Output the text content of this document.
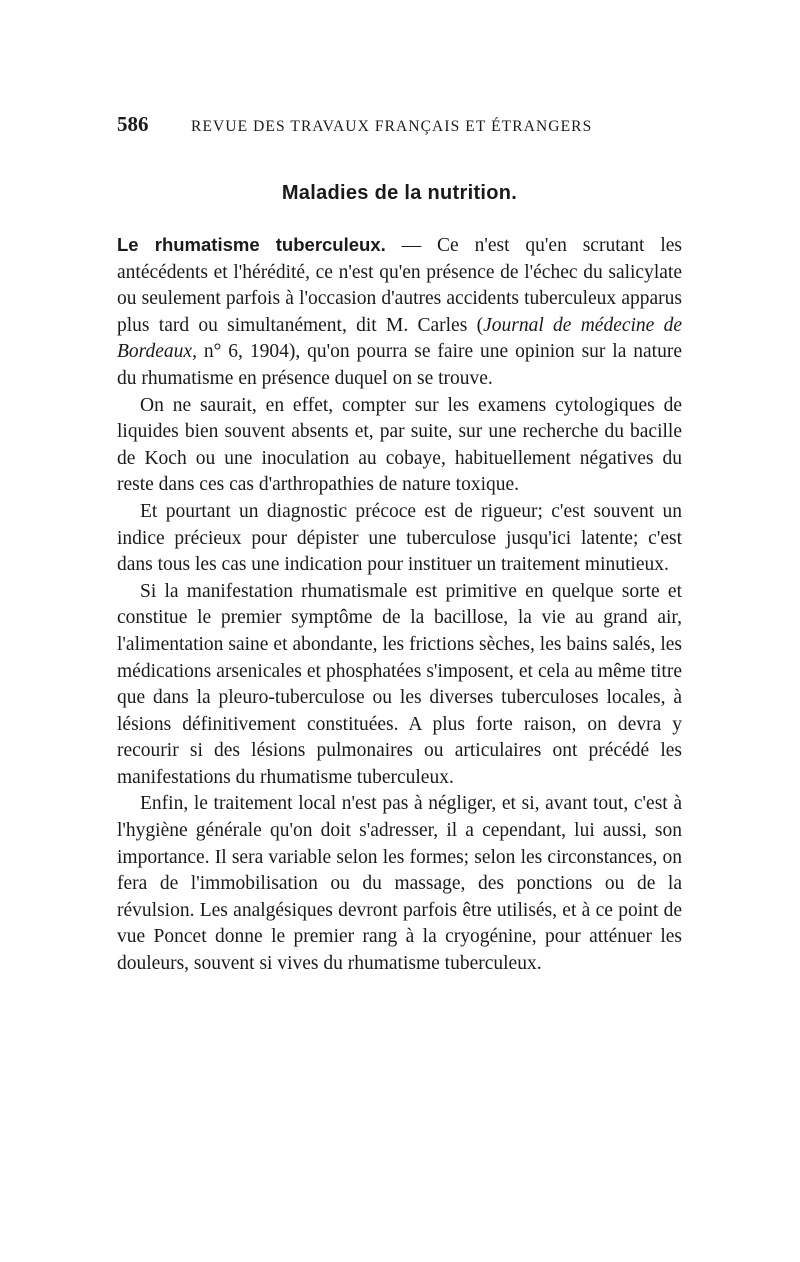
586	REVUE DES TRAVAUX FRANÇAIS ET ÉTRANGERS
Maladies de la nutrition.

Le rhumatisme tuberculeux. — Ce n'est qu'en scrutant les antécédents et l'hérédité, ce n'est qu'en présence de l'échec du salicylate ou seulement parfois à l'occasion d'autres accidents tuberculeux apparus plus tard ou simultanément, dit M. Carles (Journal de médecine de Bordeaux, n° 6, 1904), qu'on pourra se faire une opinion sur la nature du rhumatisme en présence duquel on se trouve.

On ne saurait, en effet, compter sur les examens cytologiques de liquides bien souvent absents et, par suite, sur une recherche du bacille de Koch ou une inoculation au cobaye, habituellement négatives du reste dans ces cas d'arthropathies de nature toxique.

Et pourtant un diagnostic précoce est de rigueur; c'est souvent un indice précieux pour dépister une tuberculose jusqu'ici latente; c'est dans tous les cas une indication pour instituer un traitement minutieux.

Si la manifestation rhumatismale est primitive en quelque sorte et constitue le premier symptôme de la bacillose, la vie au grand air, l'alimentation saine et abondante, les frictions sèches, les bains salés, les médications arsenicales et phosphatées s'imposent, et cela au même titre que dans la pleuro-tuberculose ou les diverses tuberculoses locales, à lésions définitivement constituées. A plus forte raison, on devra y recourir si des lésions pulmonaires ou articulaires ont précédé les manifestations du rhumatisme tuberculeux.

Enfin, le traitement local n'est pas à négliger, et si, avant tout, c'est à l'hygiène générale qu'on doit s'adresser, il a cependant, lui aussi, son importance. Il sera variable selon les formes; selon les circonstances, on fera de l'immobilisation ou du massage, des ponctions ou de la révulsion. Les analgésiques devront parfois être utilisés, et à ce point de vue Poncet donne le premier rang à la cryogénine, pour atténuer les douleurs, souvent si vives du rhumatisme tuberculeux.
